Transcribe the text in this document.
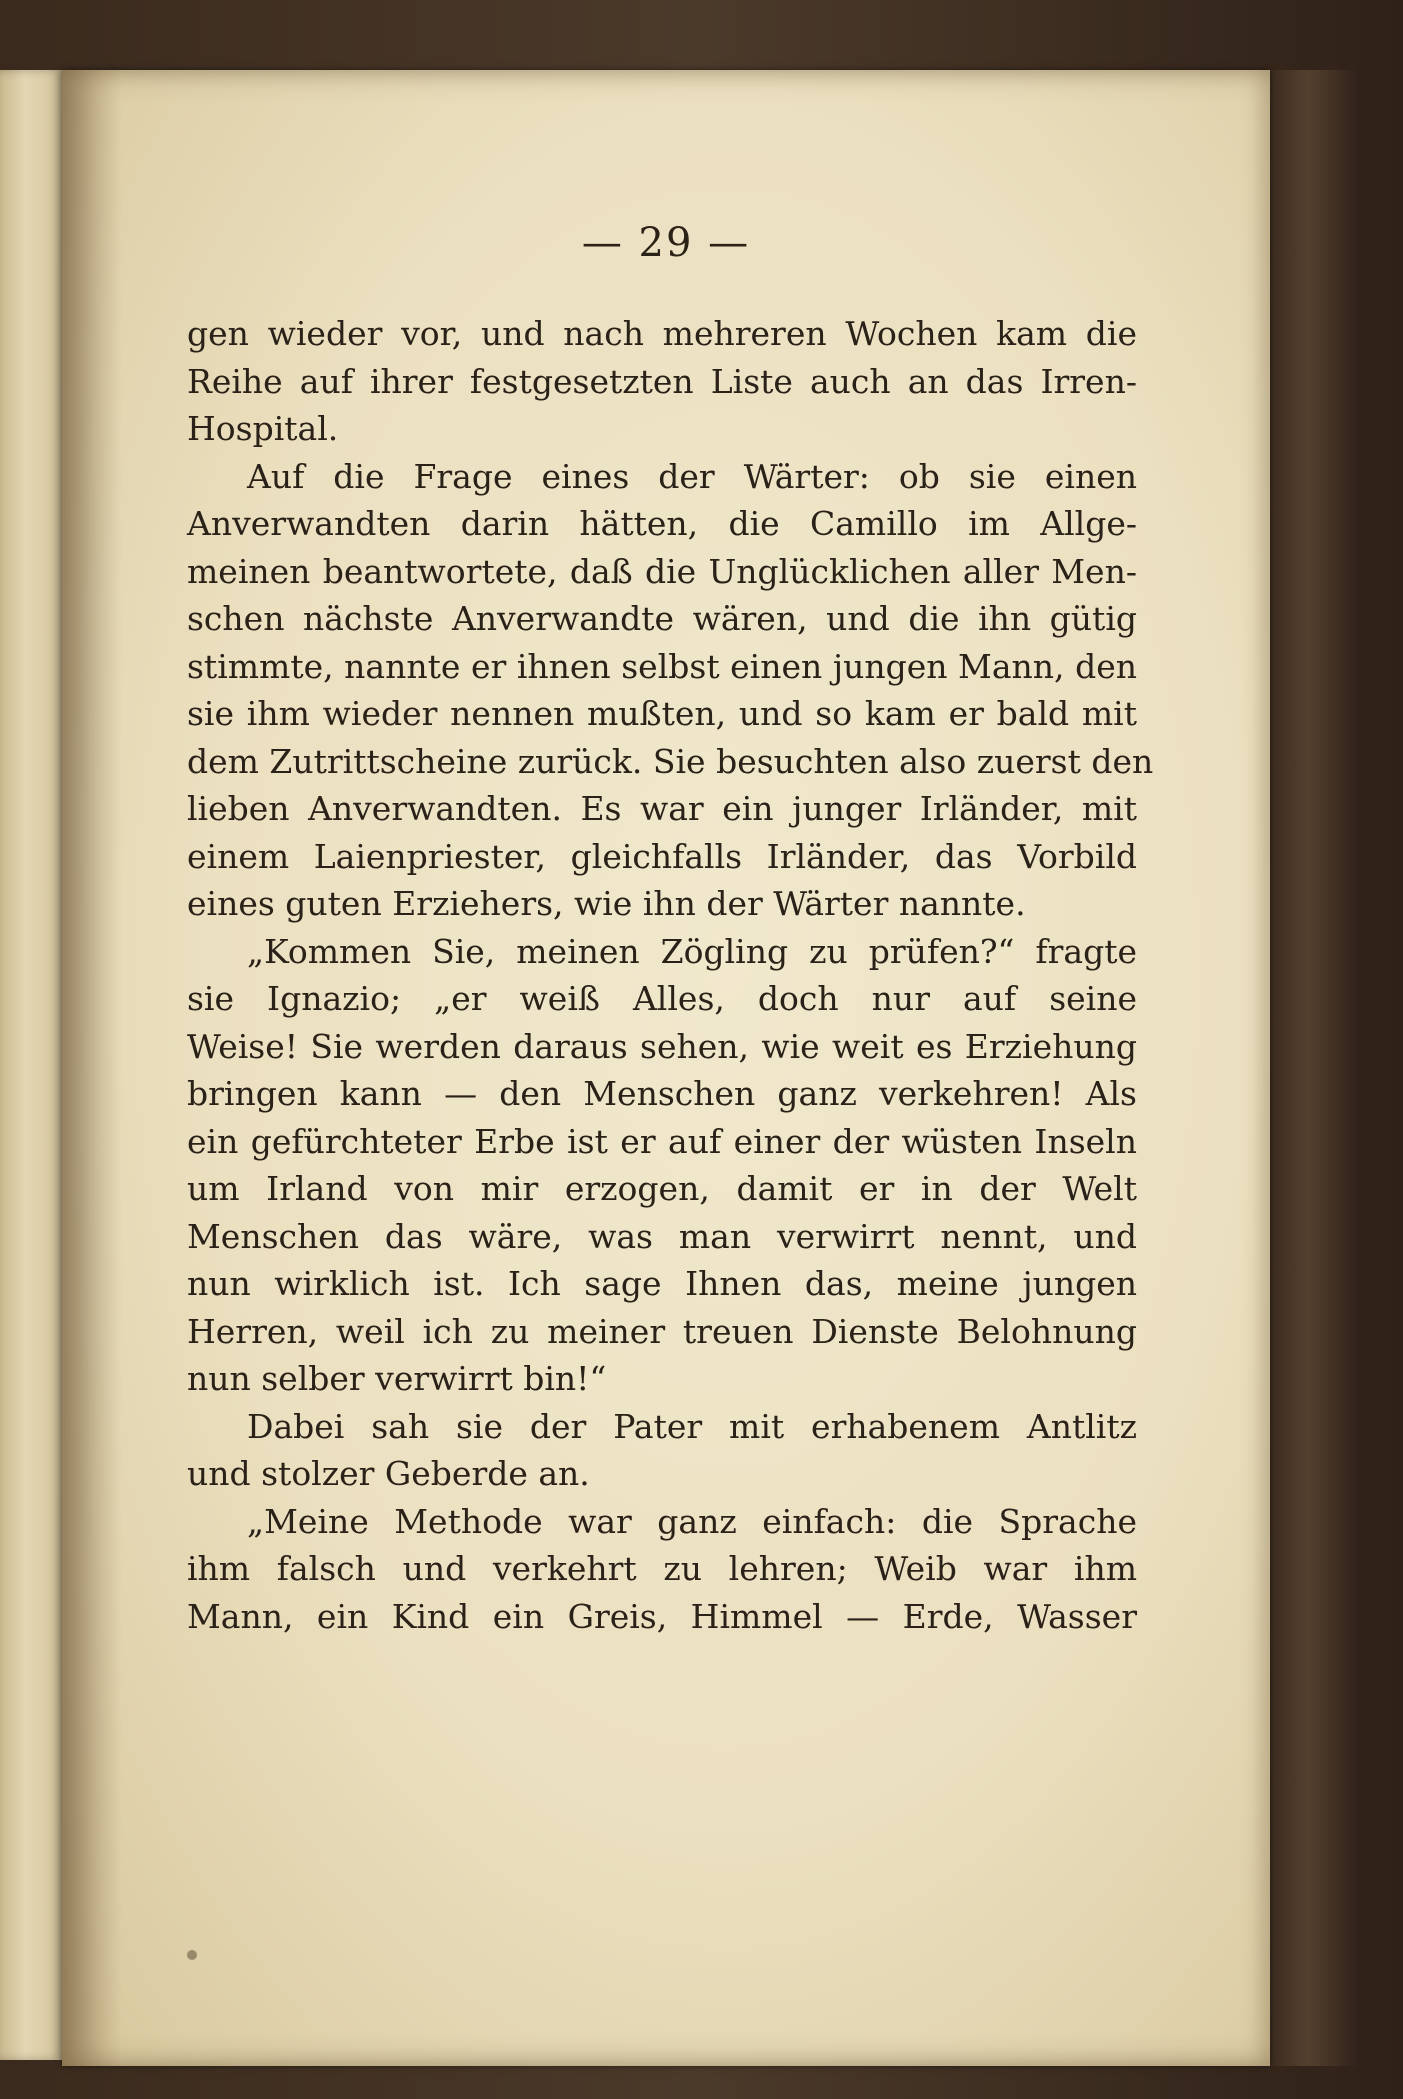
— 29 —
gen wieder vor, und nach mehreren Wochen kam die
Reihe auf ihrer festgesetzten Liste auch an das Irren-
Hospital.
Auf die Frage eines der Wärter: ob sie einen
Anverwandten darin hätten, die Camillo im Allge-
meinen beantwortete, daß die Unglücklichen aller Men-
schen nächste Anverwandte wären, und die ihn gütig
stimmte, nannte er ihnen selbst einen jungen Mann, den
sie ihm wieder nennen mußten, und so kam er bald mit
dem Zutrittscheine zurück. Sie besuchten also zuerst den
lieben Anverwandten. Es war ein junger Irländer, mit
einem Laienpriester, gleichfalls Irländer, das Vorbild
eines guten Erziehers, wie ihn der Wärter nannte.
„Kommen Sie, meinen Zögling zu prüfen?“ fragte
sie Ignazio; „er weiß Alles, doch nur auf seine
Weise! Sie werden daraus sehen, wie weit es Erziehung
bringen kann — den Menschen ganz verkehren! Als
ein gefürchteter Erbe ist er auf einer der wüsten Inseln
um Irland von mir erzogen, damit er in der Welt
Menschen das wäre, was man verwirrt nennt, und
nun wirklich ist. Ich sage Ihnen das, meine jungen
Herren, weil ich zu meiner treuen Dienste Belohnung
nun selber verwirrt bin!“
Dabei sah sie der Pater mit erhabenem Antlitz
und stolzer Geberde an.
„Meine Methode war ganz einfach: die Sprache
ihm falsch und verkehrt zu lehren; Weib war ihm
Mann, ein Kind ein Greis, Himmel — Erde, Wasser
